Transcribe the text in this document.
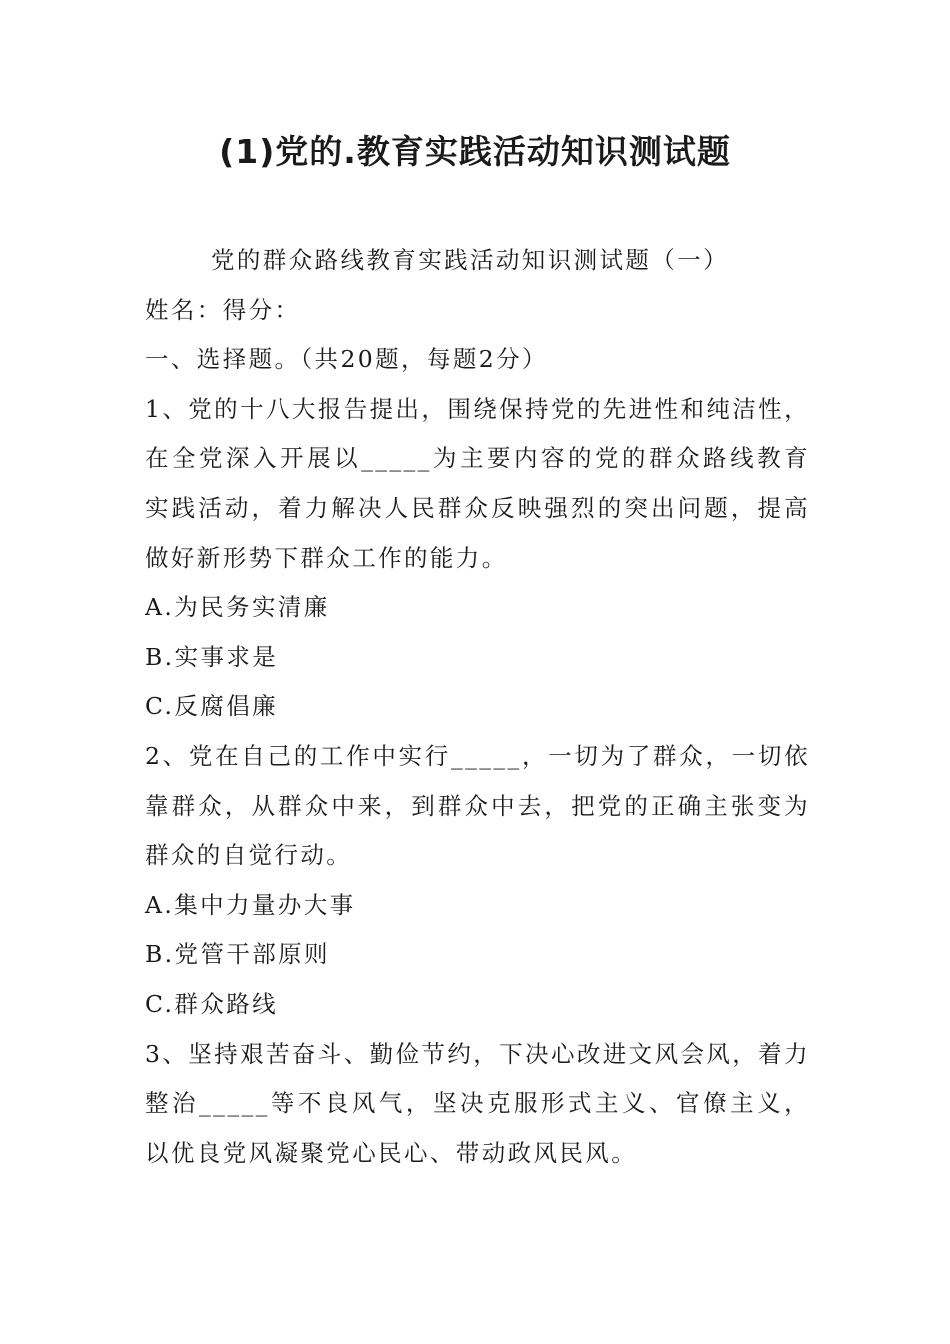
(1)党的.教育实践活动知识测试题

党的群众路线教育实践活动知识测试题（一）

姓名：得分：

一、选择题。（共20题，每题2分）

1、党的十八大报告提出，围绕保持党的先进性和纯洁性，在全党深入开展以_____为主要内容的党的群众路线教育实践活动，着力解决人民群众反映强烈的突出问题，提高做好新形势下群众工作的能力。

A.为民务实清廉

B.实事求是

C.反腐倡廉

2、党在自己的工作中实行_____，一切为了群众，一切依靠群众，从群众中来，到群众中去，把党的正确主张变为群众的自觉行动。

A.集中力量办大事

B.党管干部原则

C.群众路线

3、坚持艰苦奋斗、勤俭节约，下决心改进文风会风，着力整治_____等不良风气，坚决克服形式主义、官僚主义，以优良党风凝聚党心民心、带动政风民风。
